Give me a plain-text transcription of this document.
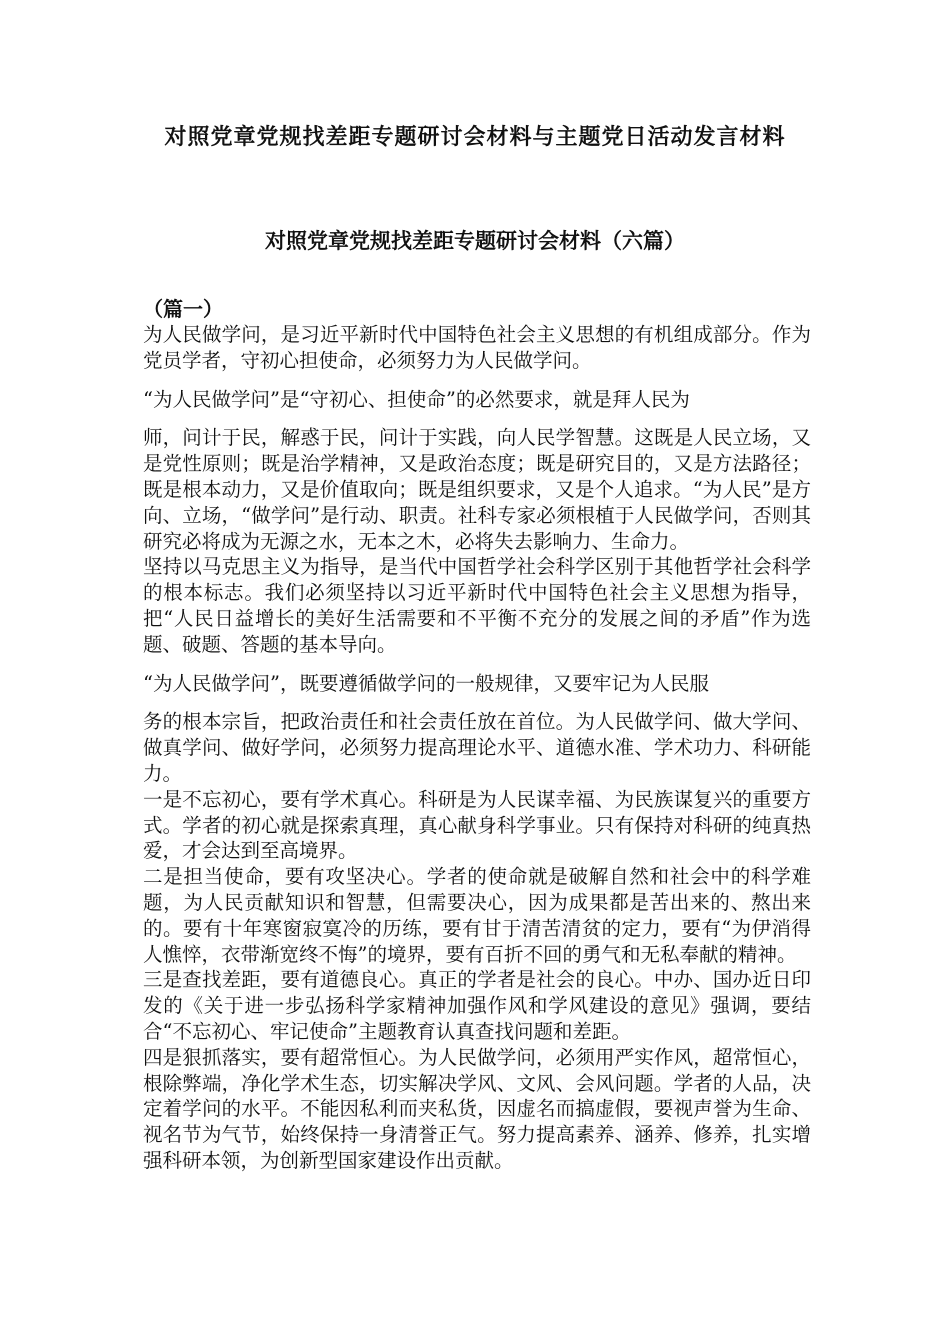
对照党章党规找差距专题研讨会材料与主题党日活动发言材料
对照党章党规找差距专题研讨会材料（六篇）
（篇一）

为人民做学问，是习近平新时代中国特色社会主义思想的有机组成部分。作为党员学者，守初心担使命，必须努力为人民做学问。

“为人民做学问”是“守初心、担使命”的必然要求，就是拜人民为

师，问计于民，解惑于民，问计于实践，向人民学智慧。这既是人民立场，又是党性原则；既是治学精神，又是政治态度；既是研究目的，又是方法路径；既是根本动力，又是价值取向；既是组织要求，又是个人追求。“为人民”是方向、立场，“做学问”是行动、职责。社科专家必须根植于人民做学问，否则其研究必将成为无源之水，无本之木，必将失去影响力、生命力。

坚持以马克思主义为指导，是当代中国哲学社会科学区别于其他哲学社会科学的根本标志。我们必须坚持以习近平新时代中国特色社会主义思想为指导，把“人民日益增长的美好生活需要和不平衡不充分的发展之间的矛盾”作为选题、破题、答题的基本导向。

“为人民做学问”，既要遵循做学问的一般规律，又要牢记为人民服

务的根本宗旨，把政治责任和社会责任放在首位。为人民做学问、做大学问、做真学问、做好学问，必须努力提高理论水平、道德水准、学术功力、科研能力。

一是不忘初心，要有学术真心。科研是为人民谋幸福、为民族谋复兴的重要方式。学者的初心就是探索真理，真心献身科学事业。只有保持对科研的纯真热爱，才会达到至高境界。

二是担当使命，要有攻坚决心。学者的使命就是破解自然和社会中的科学难题，为人民贡献知识和智慧，但需要决心，因为成果都是苦出来的、熬出来的。要有十年寒窗寂寞冷的历练，要有甘于清苦清贫的定力，要有“为伊消得人憔悴，衣带渐宽终不悔”的境界，要有百折不回的勇气和无私奉献的精神。

三是查找差距，要有道德良心。真正的学者是社会的良心。中办、国办近日印发的《关于进一步弘扬科学家精神加强作风和学风建设的意见》强调，要结合“不忘初心、牢记使命”主题教育认真查找问题和差距。

四是狠抓落实，要有超常恒心。为人民做学问，必须用严实作风，超常恒心，根除弊端，净化学术生态，切实解决学风、文风、会风问题。学者的人品，决定着学问的水平。不能因私利而夹私货，因虚名而搞虚假，要视声誉为生命、视名节为气节，始终保持一身清誉正气。努力提高素养、涵养、修养，扎实增强科研本领，为创新型国家建设作出贡献。
